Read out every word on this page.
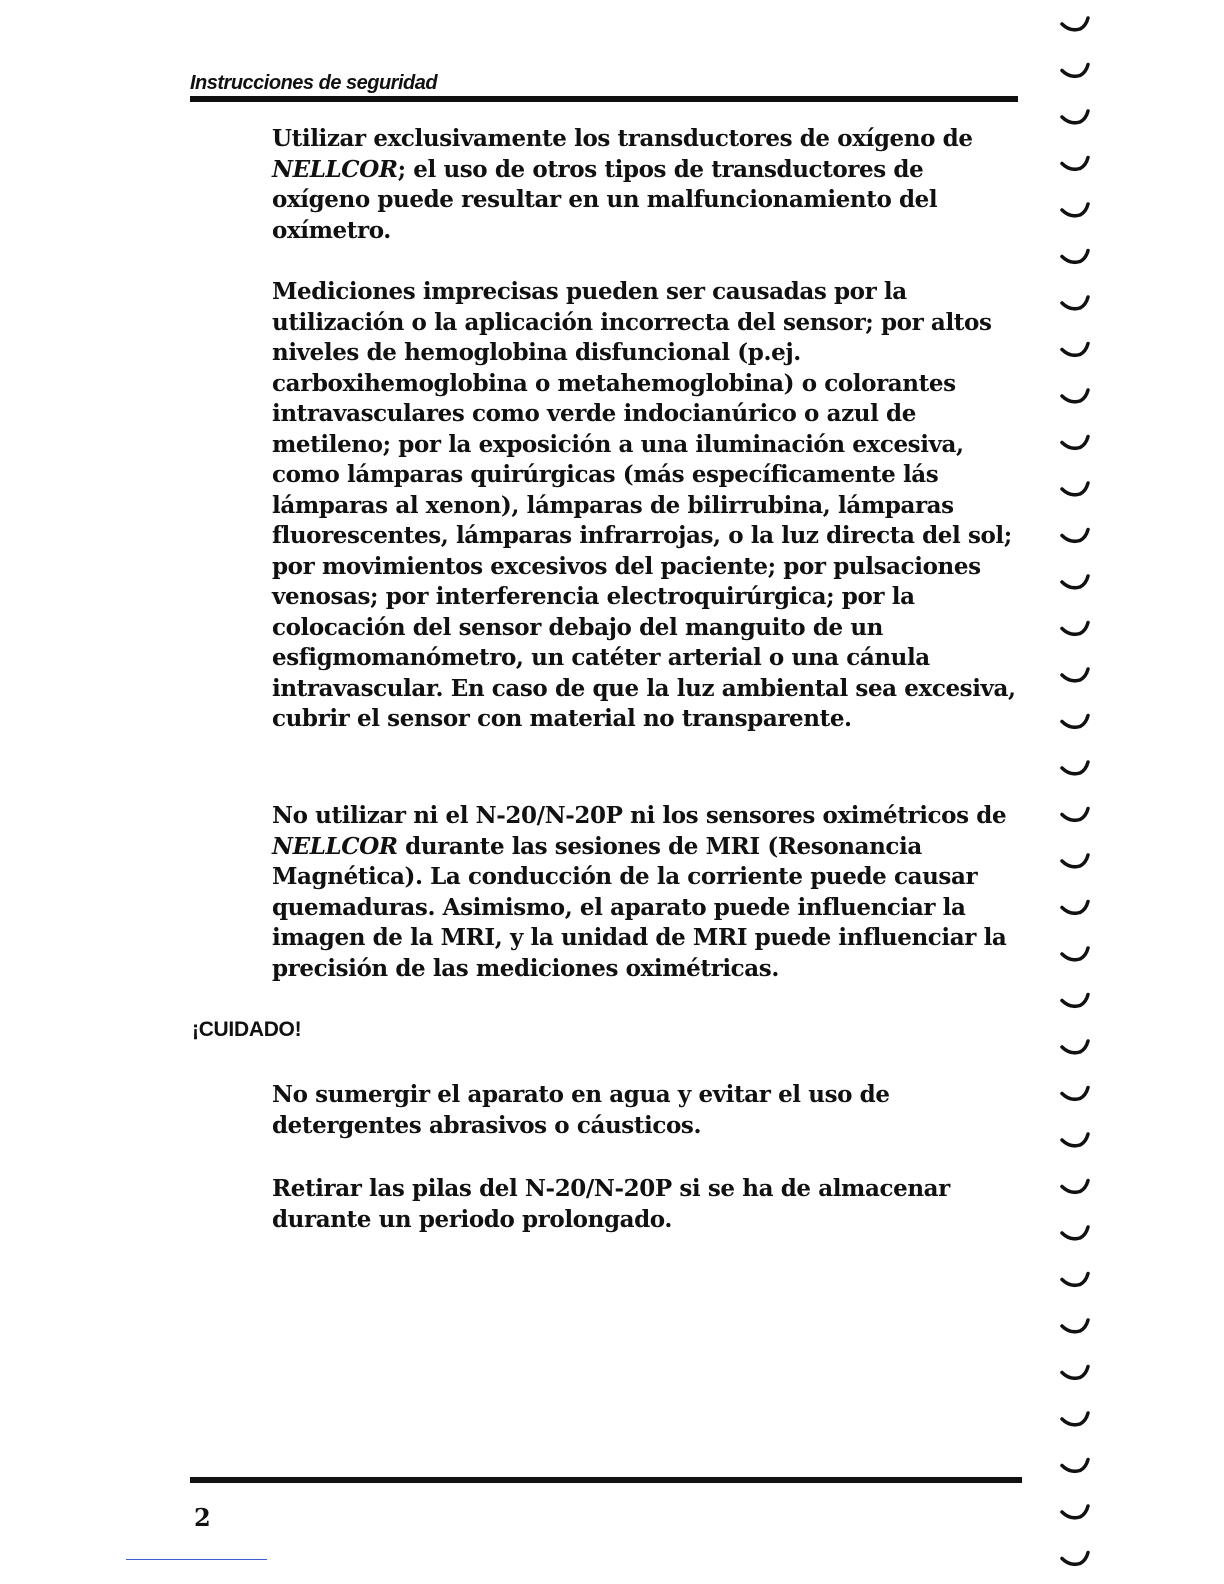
Instrucciones de seguridad

Utilizar exclusivamente los transductores de oxígeno de NELLCOR; el uso de otros tipos de transductores de oxígeno puede resultar en un malfuncionamiento del oxímetro.

Mediciones imprecisas pueden ser causadas por la utilización o la aplicación incorrecta del sensor; por altos niveles de hemoglobina disfuncional (p.ej. carboxihemoglobina o metahemoglobina) o colorantes intravasculares como verde indocianúrico o azul de metileno; por la exposición a una iluminación excesiva, como lámparas quirúrgicas (más específicamente lás lámparas al xenon), lámparas de bilirrubina, lámparas fluorescentes, lámparas infrarrojas, o la luz directa del sol; por movimientos excesivos del paciente; por pulsaciones venosas; por interferencia electroquirúrgica; por la colocación del sensor debajo del manguito de un esfigmomanómetro, un catéter arterial o una cánula intravascular. En caso de que la luz ambiental sea excesiva, cubrir el sensor con material no transparente.

No utilizar ni el N-20/N-20P ni los sensores oximétricos de NELLCOR durante las sesiones de MRI (Resonancia Magnética). La conducción de la corriente puede causar quemaduras. Asimismo, el aparato puede influenciar la imagen de la MRI, y la unidad de MRI puede influenciar la precisión de las mediciones oximétricas.

¡CUIDADO!

No sumergir el aparato en agua y evitar el uso de detergentes abrasivos o cáusticos.

Retirar las pilas del N-20/N-20P si se ha de almacenar durante un periodo prolongado.

2
